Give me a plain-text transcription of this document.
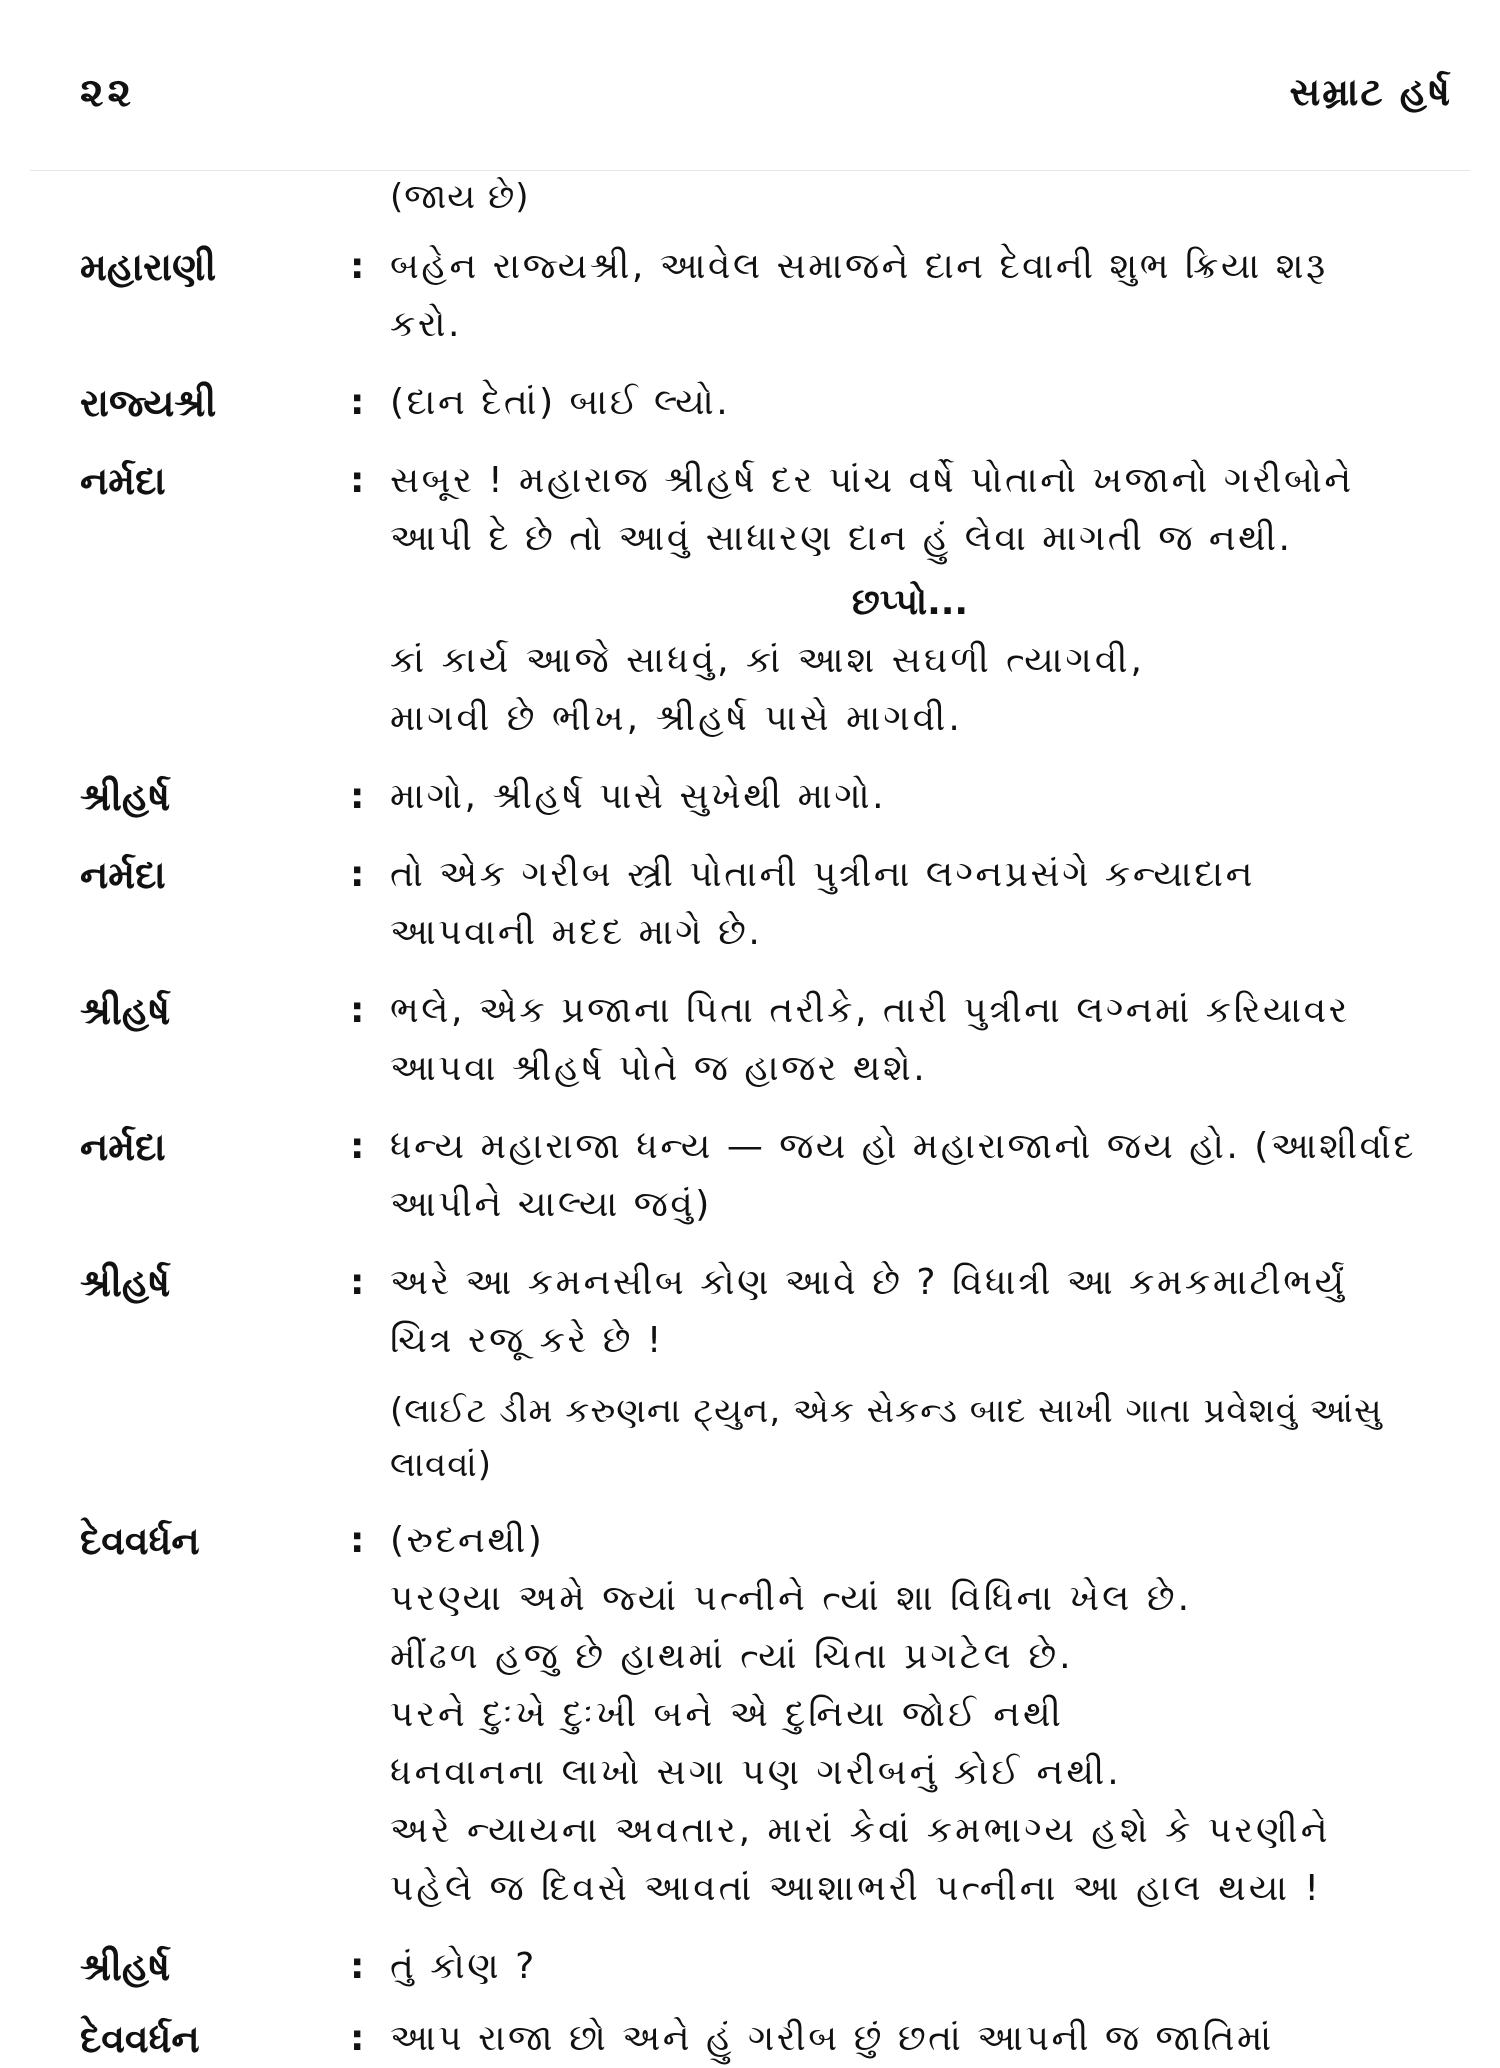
૨૨	સમ્રાટ હર્ષ
(જાય છે)
મહારાણી	: બહેન રાજ્યશ્રી, આવેલ સમાજને દાન દેવાની શુભ ક્રિયા શરૂ
કરો.
રાજ્યશ્રી	: (દાન દેતાં) બાઈ લ્યો.
નર્મદા	: સબૂર ! મહારાજ શ્રીહર્ષ દર પાંચ વર્ષે પોતાનો ખજાનો ગરીબોને
આપી દે છે તો આવું સાધારણ દાન હું લેવા માગતી જ નથી.
છપ્પો...
કાં કાર્ય આજે સાધવું, કાં આશ સઘળી ત્યાગવી,
માગવી છે ભીખ, શ્રીહર્ષ પાસે માગવી.
શ્રીહર્ષ	: માગો, શ્રીહર્ષ પાસે સુખેથી માગો.
નર્મદા	: તો એક ગરીબ સ્ત્રી પોતાની પુત્રીના લગ્નપ્રસંગે કન્યાદાન
આપવાની મદદ માગે છે.
શ્રીહર્ષ	: ભલે, એક પ્રજાના પિતા તરીકે, તારી પુત્રીના લગ્નમાં કરિયાવર
આપવા શ્રીહર્ષ પોતે જ હાજર થશે.
નર્મદા	: ધન્ય મહારાજા ધન્ય — જય હો મહારાજાનો જય હો. (આશીર્વાદ
આપીને ચાલ્યા જવું)
શ્રીહર્ષ	: અરે આ કમનસીબ કોણ આવે છે ? વિધાત્રી આ કમકમાટીભર્યું
ચિત્ર રજૂ કરે છે !
(લાઈટ ડીમ કરુણના ટ્યુન, એક સેકન્ડ બાદ સાખી ગાતા પ્રવેશવું આંસુ
લાવવાં)
દેવવર્ધન	: (રુદનથી)
પરણ્યા અમે જ્યાં પત્નીને ત્યાં શા વિધિના ખેલ છે.
મીંઢળ હજુ છે હાથમાં ત્યાં ચિતા પ્રગટેલ છે.
પરને દુઃખે દુઃખી બને એ દુનિયા જોઈ નથી
ધનવાનના લાખો સગા પણ ગરીબનું કોઈ નથી.
અરે ન્યાયના અવતાર, મારાં કેવાં કમભાગ્ય હશે કે પરણીને
પહેલે જ દિવસે આવતાં આશાભરી પત્નીના આ હાલ થયા !
શ્રીહર્ષ	: તું કોણ ?
દેવવર્ધન	: આપ રાજા છો અને હું ગરીબ છું છતાં આપની જ જાતિમાં
